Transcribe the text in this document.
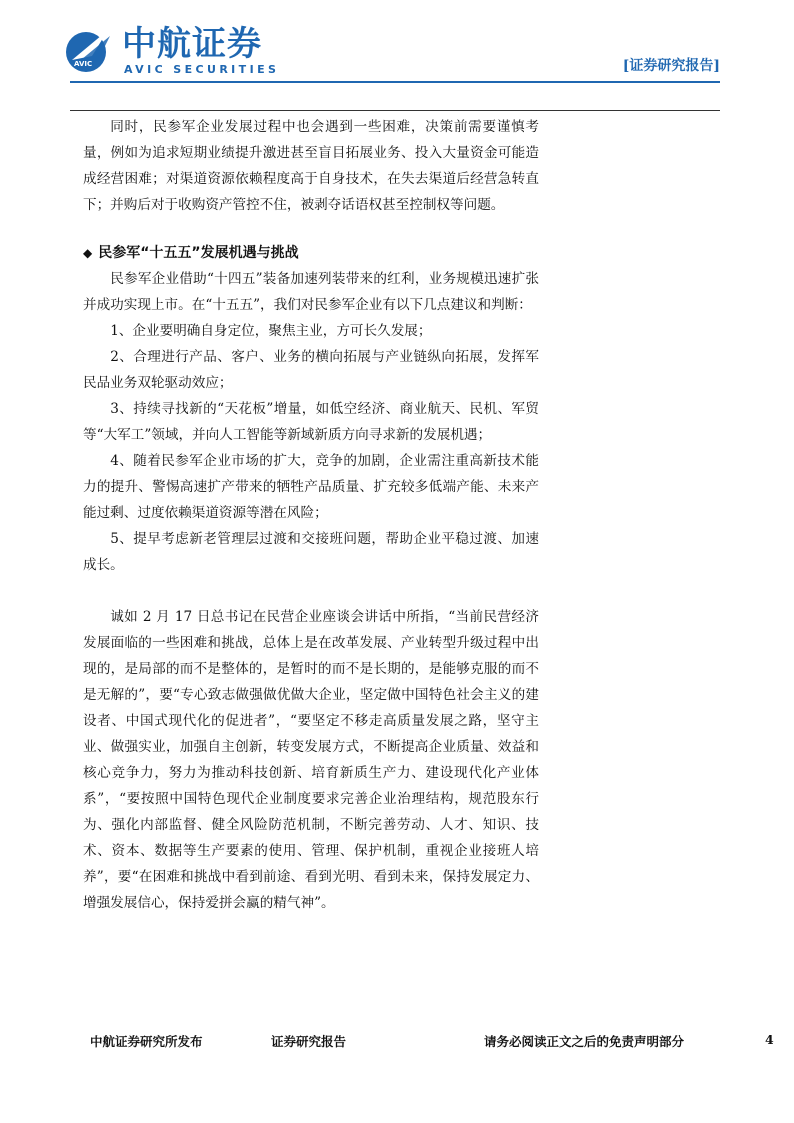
AVIC 中航证券
AVIC SECURITIES	[证券研究报告]

同时，民参军企业发展过程中也会遇到一些困难，决策前需要谨慎考量，例如为追求短期业绩提升激进甚至盲目拓展业务、投入大量资金可能造成经营困难；对渠道资源依赖程度高于自身技术，在失去渠道后经营急转直下；并购后对于收购资产管控不住，被剥夺话语权甚至控制权等问题。

◆ 民参军“十五五”发展机遇与挑战

民参军企业借助“十四五”装备加速列装带来的红利，业务规模迅速扩张并成功实现上市。在“十五五”，我们对民参军企业有以下几点建议和判断：

1、企业要明确自身定位，聚焦主业，方可长久发展；

2、合理进行产品、客户、业务的横向拓展与产业链纵向拓展，发挥军民品业务双轮驱动效应；

3、持续寻找新的“天花板”增量，如低空经济、商业航天、民机、军贸等“大军工”领域，并向人工智能等新域新质方向寻求新的发展机遇；

4、随着民参军企业市场的扩大，竞争的加剧，企业需注重高新技术能力的提升、警惕高速扩产带来的牺牲产品质量、扩充较多低端产能、未来产能过剩、过度依赖渠道资源等潜在风险；

5、提早考虑新老管理层过渡和交接班问题，帮助企业平稳过渡、加速成长。

诚如 2 月 17 日总书记在民营企业座谈会讲话中所指，“当前民营经济发展面临的一些困难和挑战，总体上是在改革发展、产业转型升级过程中出现的，是局部的而不是整体的，是暂时的而不是长期的，是能够克服的而不是无解的”，要“专心致志做强做优做大企业，坚定做中国特色社会主义的建设者、中国式现代化的促进者”，“要坚定不移走高质量发展之路，坚守主业、做强实业，加强自主创新，转变发展方式，不断提高企业质量、效益和核心竞争力，努力为推动科技创新、培育新质生产力、建设现代化产业体系”，“要按照中国特色现代企业制度要求完善企业治理结构，规范股东行为、强化内部监督、健全风险防范机制，不断完善劳动、人才、知识、技术、资本、数据等生产要素的使用、管理、保护机制，重视企业接班人培养”，要“在困难和挑战中看到前途、看到光明、看到未来，保持发展定力、增强发展信心，保持爱拼会赢的精气神”。

中航证券研究所发布	证券研究报告	请务必阅读正文之后的免责声明部分	4
